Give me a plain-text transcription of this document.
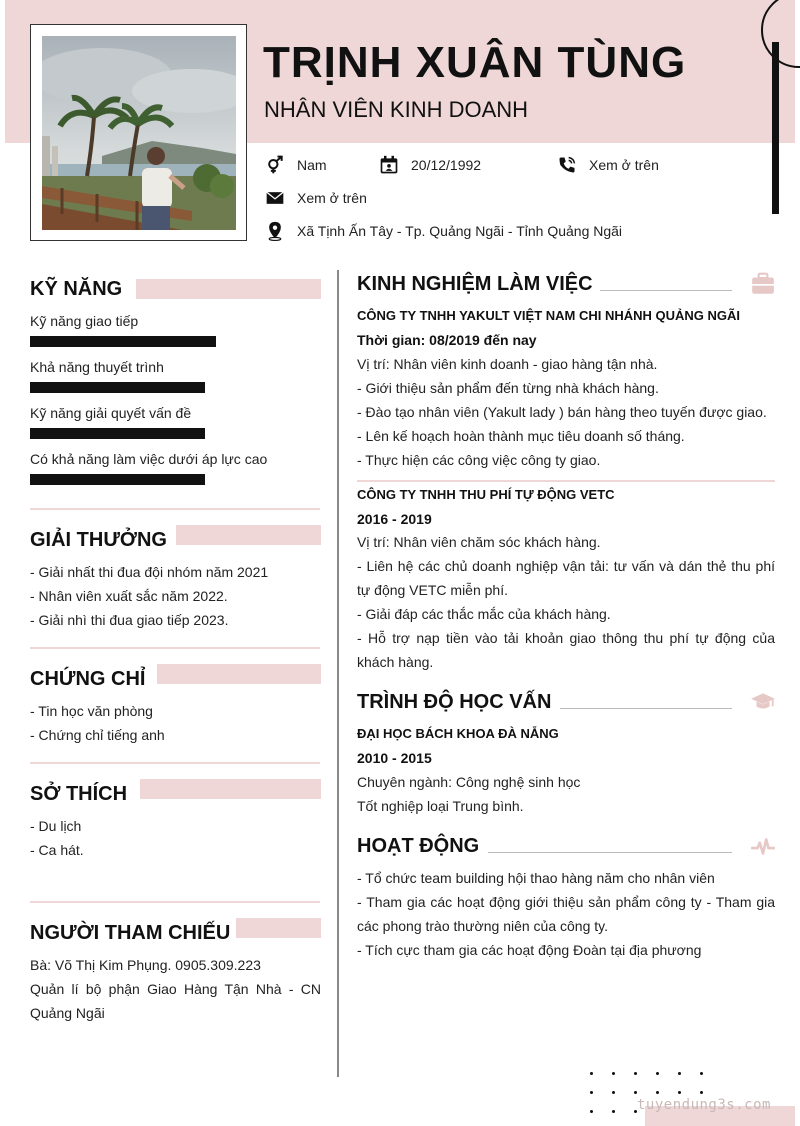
TRỊNH XUÂN TÙNG
NHÂN VIÊN KINH DOANH
Nam	20/12/1992	Xem ở trên
Xem ở trên
Xã Tịnh Ấn Tây - Tp. Quảng Ngãi - Tỉnh Quảng Ngãi
KỸ NĂNG
Kỹ năng giao tiếp
Khả năng thuyết trình
Kỹ năng giải quyết vấn đề
Có khả năng làm việc dưới áp lực cao
GIẢI THƯỞNG
- Giải nhất thi đua đội nhóm năm 2021
- Nhân viên xuất sắc năm 2022.
- Giải nhì thi đua giao tiếp 2023.
CHỨNG CHỈ
- Tin học văn phòng
- Chứng chỉ tiếng anh
SỞ THÍCH
- Du lịch
- Ca hát.
NGƯỜI THAM CHIẾU
Bà: Võ Thị Kim Phụng. 0905.309.223
Quản lí bộ phận Giao Hàng Tận Nhà - CN Quảng Ngãi
KINH NGHIỆM LÀM VIỆC
CÔNG TY TNHH YAKULT VIỆT NAM CHI NHÁNH QUẢNG NGÃI
Thời gian: 08/2019 đến nay
Vị trí: Nhân viên kinh doanh - giao hàng tận nhà.
- Giới thiệu sản phẩm đến từng nhà khách hàng.
- Đào tạo nhân viên (Yakult lady ) bán hàng theo tuyến được giao.
- Lên kế hoạch hoàn thành mục tiêu doanh số tháng.
- Thực hiện các công việc công ty giao.
CÔNG TY TNHH THU PHÍ TỰ ĐỘNG VETC
2016 - 2019
Vị trí: Nhân viên chăm sóc khách hàng.
- Liên hệ các chủ doanh nghiệp vận tải: tư vấn và dán thẻ thu phí tự động VETC miễn phí.
- Giải đáp các thắc mắc của khách hàng.
- Hỗ trợ nạp tiền vào tải khoản giao thông thu phí tự động của khách hàng.
TRÌNH ĐỘ HỌC VẤN
ĐẠI HỌC BÁCH KHOA ĐÀ NẴNG
2010 - 2015
Chuyên ngành: Công nghệ sinh học
Tốt nghiệp loại Trung bình.
HOẠT ĐỘNG
- Tổ chức team building hội thao hàng năm cho nhân viên
- Tham gia các hoạt động giới thiệu sản phẩm công ty - Tham gia các phong trào thường niên của công ty.
- Tích cực tham gia các hoạt động Đoàn tại địa phương
tuyendung3s.com
